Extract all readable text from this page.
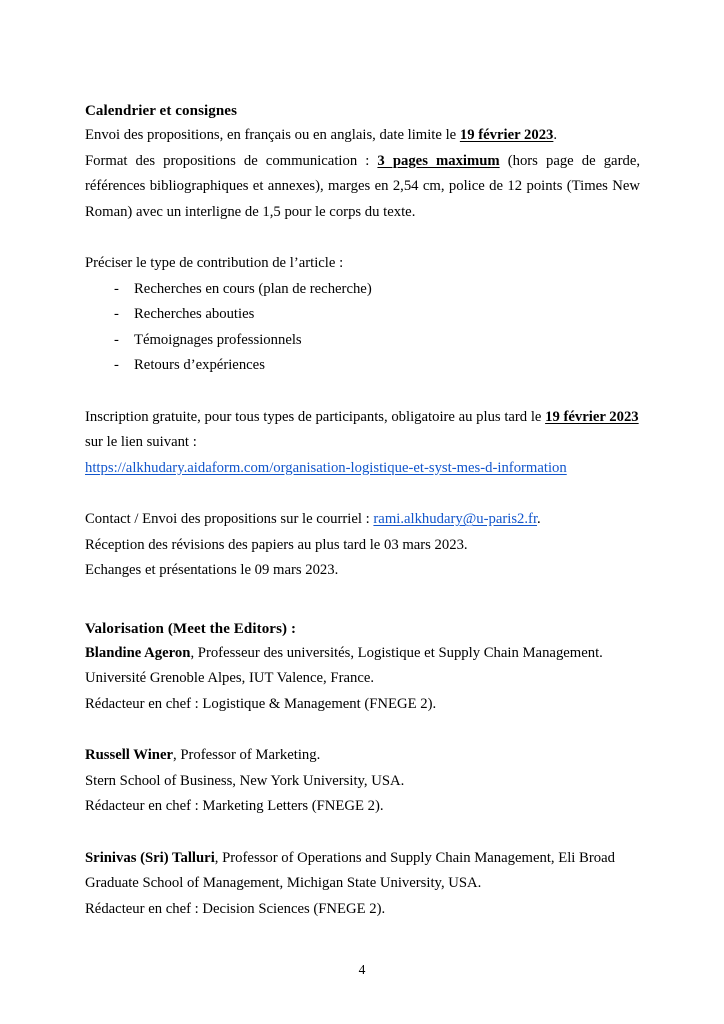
Calendrier et consignes

Envoi des propositions, en français ou en anglais, date limite le 19 février 2023.

Format des propositions de communication : 3 pages maximum (hors page de garde, références bibliographiques et annexes), marges en 2,54 cm, police de 12 points (Times New Roman) avec un interligne de 1,5 pour le corps du texte.

Préciser le type de contribution de l’article :

- Recherches en cours (plan de recherche)
- Recherches abouties
- Témoignages professionnels
- Retours d’expériences

Inscription gratuite, pour tous types de participants, obligatoire au plus tard le 19 février 2023

sur le lien suivant :

https://alkhudary.aidaform.com/organisation-logistique-et-syst-mes-d-information

Contact / Envoi des propositions sur le courriel : rami.alkhudary@u-paris2.fr.

Réception des révisions des papiers au plus tard le 03 mars 2023.

Echanges et présentations le 09 mars 2023.

Valorisation (Meet the Editors) :

Blandine Ageron, Professeur des universités, Logistique et Supply Chain Management.

Université Grenoble Alpes, IUT Valence, France.

Rédacteur en chef : Logistique & Management (FNEGE 2).

Russell Winer, Professor of Marketing.

Stern School of Business, New York University, USA.

Rédacteur en chef : Marketing Letters (FNEGE 2).

Srinivas (Sri) Talluri, Professor of Operations and Supply Chain Management, Eli Broad Graduate School of Management, Michigan State University, USA.

Rédacteur en chef : Decision Sciences (FNEGE 2).

4
